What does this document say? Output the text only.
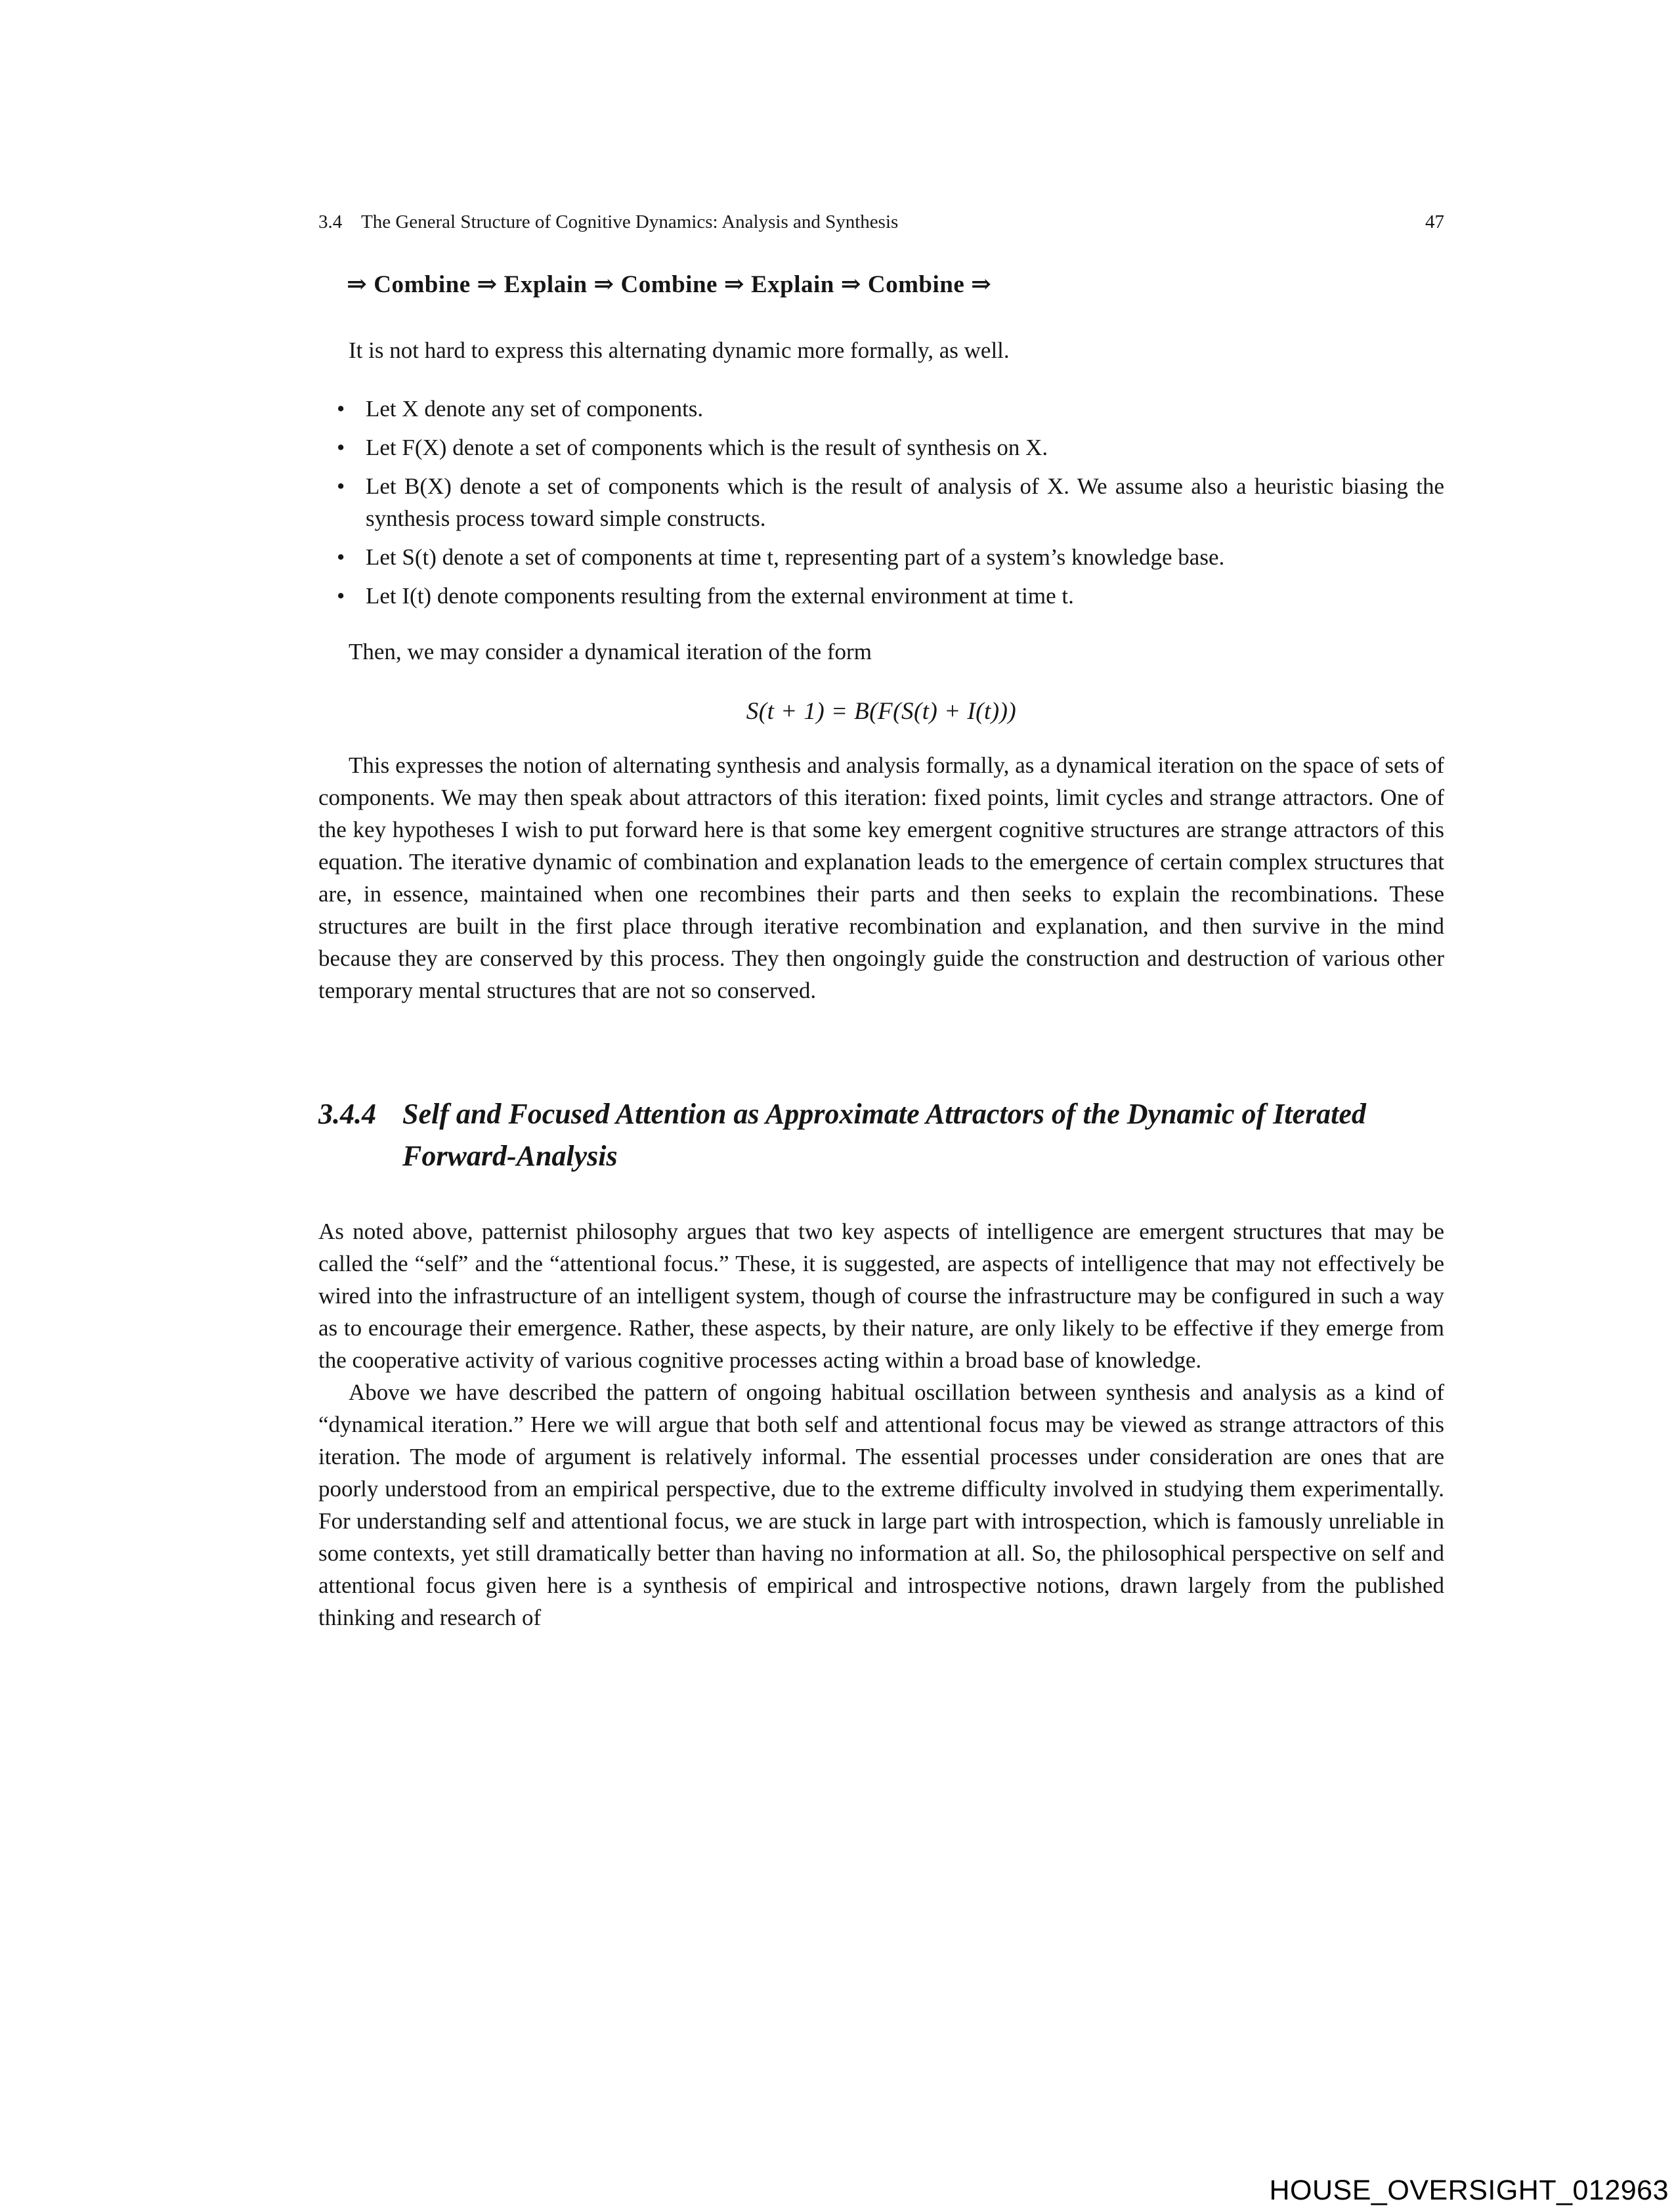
3.4 The General Structure of Cognitive Dynamics: Analysis and Synthesis	47
⇒ Combine ⇒ Explain ⇒ Combine ⇒ Explain ⇒ Combine ⇒

It is not hard to express this alternating dynamic more formally, as well.

• Let X denote any set of components.
• Let F(X) denote a set of components which is the result of synthesis on X.
• Let B(X) denote a set of components which is the result of analysis of X. We assume also a heuristic biasing the synthesis process toward simple constructs.
• Let S(t) denote a set of components at time t, representing part of a system’s knowledge base.
• Let I(t) denote components resulting from the external environment at time t.

Then, we may consider a dynamical iteration of the form

S(t + 1) = B(F(S(t) + I(t)))

This expresses the notion of alternating synthesis and analysis formally, as a dynamical iteration on the space of sets of components. We may then speak about attractors of this iteration: fixed points, limit cycles and strange attractors. One of the key hypotheses I wish to put forward here is that some key emergent cognitive structures are strange attractors of this equation. The iterative dynamic of combination and explanation leads to the emergence of certain complex structures that are, in essence, maintained when one recombines their parts and then seeks to explain the recombinations. These structures are built in the first place through iterative recombination and explanation, and then survive in the mind because they are conserved by this process. They then ongoingly guide the construction and destruction of various other temporary mental structures that are not so conserved.

3.4.4 Self and Focused Attention as Approximate Attractors of the Dynamic of Iterated Forward-Analysis

As noted above, patternist philosophy argues that two key aspects of intelligence are emergent structures that may be called the “self” and the “attentional focus.” These, it is suggested, are aspects of intelligence that may not effectively be wired into the infrastructure of an intelligent system, though of course the infrastructure may be configured in such a way as to encourage their emergence. Rather, these aspects, by their nature, are only likely to be effective if they emerge from the cooperative activity of various cognitive processes acting within a broad base of knowledge.

Above we have described the pattern of ongoing habitual oscillation between synthesis and analysis as a kind of “dynamical iteration.” Here we will argue that both self and attentional focus may be viewed as strange attractors of this iteration. The mode of argument is relatively informal. The essential processes under consideration are ones that are poorly understood from an empirical perspective, due to the extreme difficulty involved in studying them experimentally. For understanding self and attentional focus, we are stuck in large part with introspection, which is famously unreliable in some contexts, yet still dramatically better than having no information at all. So, the philosophical perspective on self and attentional focus given here is a synthesis of empirical and introspective notions, drawn largely from the published thinking and research of

HOUSE_OVERSIGHT_012963
